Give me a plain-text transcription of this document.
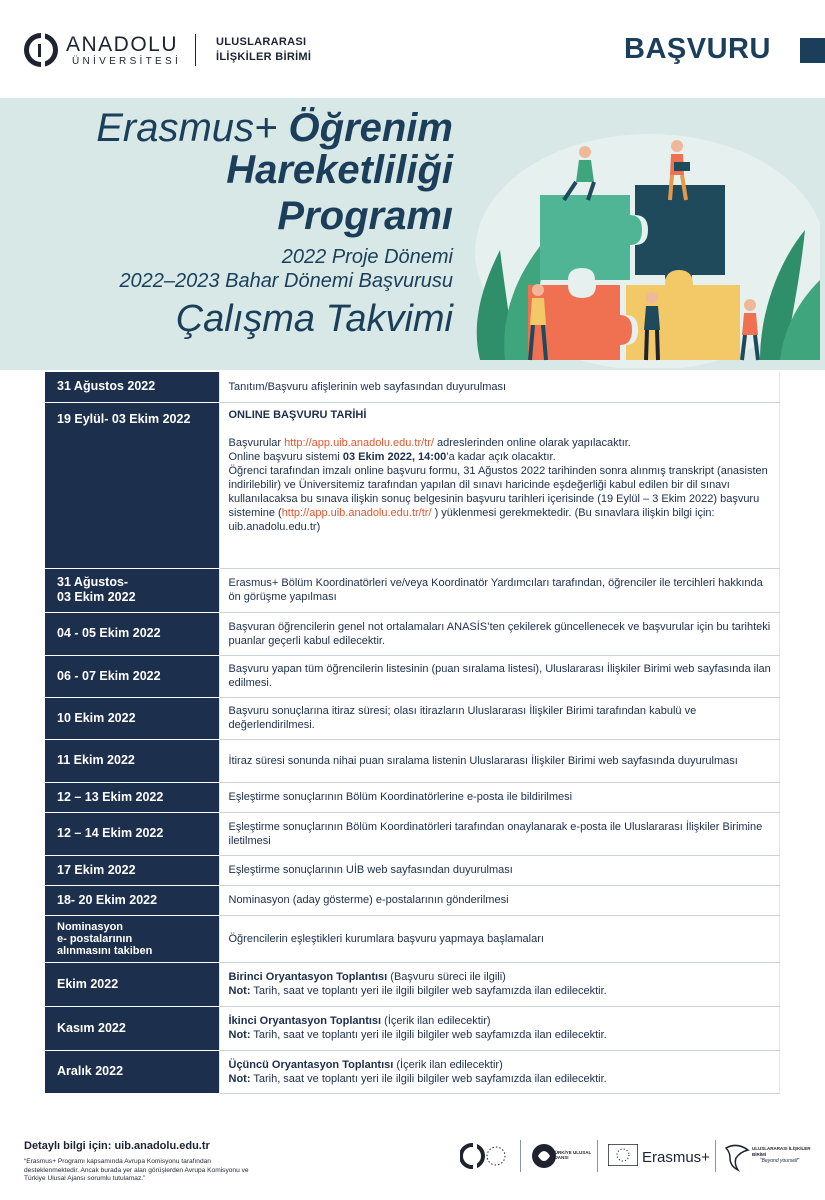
ANADOLU
ÜNİVERSİTESİ
ULUSLARARASI
İLİŞKİLER BİRİMİ	BAŞVURU
Erasmus+ Öğrenim
Hareketliliği
Programı
2022 Proje Dönemi
2022–2023 Bahar Dönemi Başvurusu
Çalışma Takvimi
31 Ağustos 2022	Tanıtım/Başvuru afişlerinin web sayfasından duyurulması
19 Eylül- 03 Ekim 2022	ONLINE BAŞVURU TARİHİ
Başvurular http://app.uib.anadolu.edu.tr/tr/ adreslerinden online olarak yapılacaktır.
Online başvuru sistemi 03 Ekim 2022, 14:00’a kadar açık olacaktır.
Öğrenci tarafından imzalı online başvuru formu, 31 Ağustos 2022 tarihinden sonra alınmış transkript (anasisten indirilebilir) ve Üniversitemiz tarafından yapılan dil sınavı haricinde eşdeğerliği kabul edilen bir dil sınavı kullanılacaksa bu sınava ilişkin sonuç belgesinin başvuru tarihleri içerisinde (19 Eylül – 3 Ekim 2022) başvuru sistemine (http://app.uib.anadolu.edu.tr/tr/ ) yüklenmesi gerekmektedir. (Bu sınavlara ilişkin bilgi için: uib.anadolu.edu.tr)

31 Ağustos-
03 Ekim 2022	Erasmus+ Bölüm Koordinatörleri ve/veya Koordinatör Yardımcıları tarafından, öğrenciler ile tercihleri hakkında ön görüşme yapılması
04 - 05 Ekim 2022	Başvuran öğrencilerin genel not ortalamaları ANASİS’ten çekilerek güncellenecek ve başvurular için bu tarihteki puanlar geçerli kabul edilecektir.
06 - 07 Ekim 2022	Başvuru yapan tüm öğrencilerin listesinin (puan sıralama listesi), Uluslararası İlişkiler Birimi web sayfasında ilan edilmesi.
10 Ekim 2022	Başvuru sonuçlarına itiraz süresi; olası itirazların Uluslararası İlişkiler Birimi tarafından kabulü ve değerlendirilmesi.
11 Ekim 2022	İtiraz süresi sonunda nihai puan sıralama listenin Uluslararası İlişkiler Birimi web sayfasında duyurulması
12 – 13 Ekim 2022	Eşleştirme sonuçlarının Bölüm Koordinatörlerine e-posta ile bildirilmesi
12 – 14 Ekim 2022	Eşleştirme sonuçlarının Bölüm Koordinatörleri tarafından onaylanarak e-posta ile Uluslararası İlişkiler Birimine iletilmesi
17 Ekim 2022	Eşleştirme sonuçlarının UİB web sayfasından duyurulması
18- 20 Ekim 2022	Nominasyon (aday gösterme) e-postalarının gönderilmesi
Nominasyon
e- postalarının
alınmasını takiben	Öğrencilerin eşleştikleri kurumlara başvuru yapmaya başlamaları
Ekim 2022	Birinci Oryantasyon Toplantısı (Başvuru süreci ile ilgili)
Not: Tarih, saat ve toplantı yeri ile ilgili bilgiler web sayfamızda ilan edilecektir.

Kasım 2022	İkinci Oryantasyon Toplantısı (İçerik ilan edilecektir)
Not: Tarih, saat ve toplantı yeri ile ilgili bilgiler web sayfamızda ilan edilecektir.

Aralık 2022	Üçüncü Oryantasyon Toplantısı (İçerik ilan edilecektir)
Not: Tarih, saat ve toplantı yeri ile ilgili bilgiler web sayfamızda ilan edilecektir.
Detaylı bilgi için: uib.anadolu.edu.tr
“Erasmus+ Programı kapsamında Avrupa Komisyonu tarafından desteklenmektedir. Ancak burada yer alan görüşlerden Avrupa Komisyonu ve Türkiye Ulusal Ajansı sorumlu tutulamaz.”
TÜRKİYE ULUSAL AJANSI	Erasmus+
ULUSLARARASI İLİŞKİLER BİRİMİ
“Beyond yourself”
